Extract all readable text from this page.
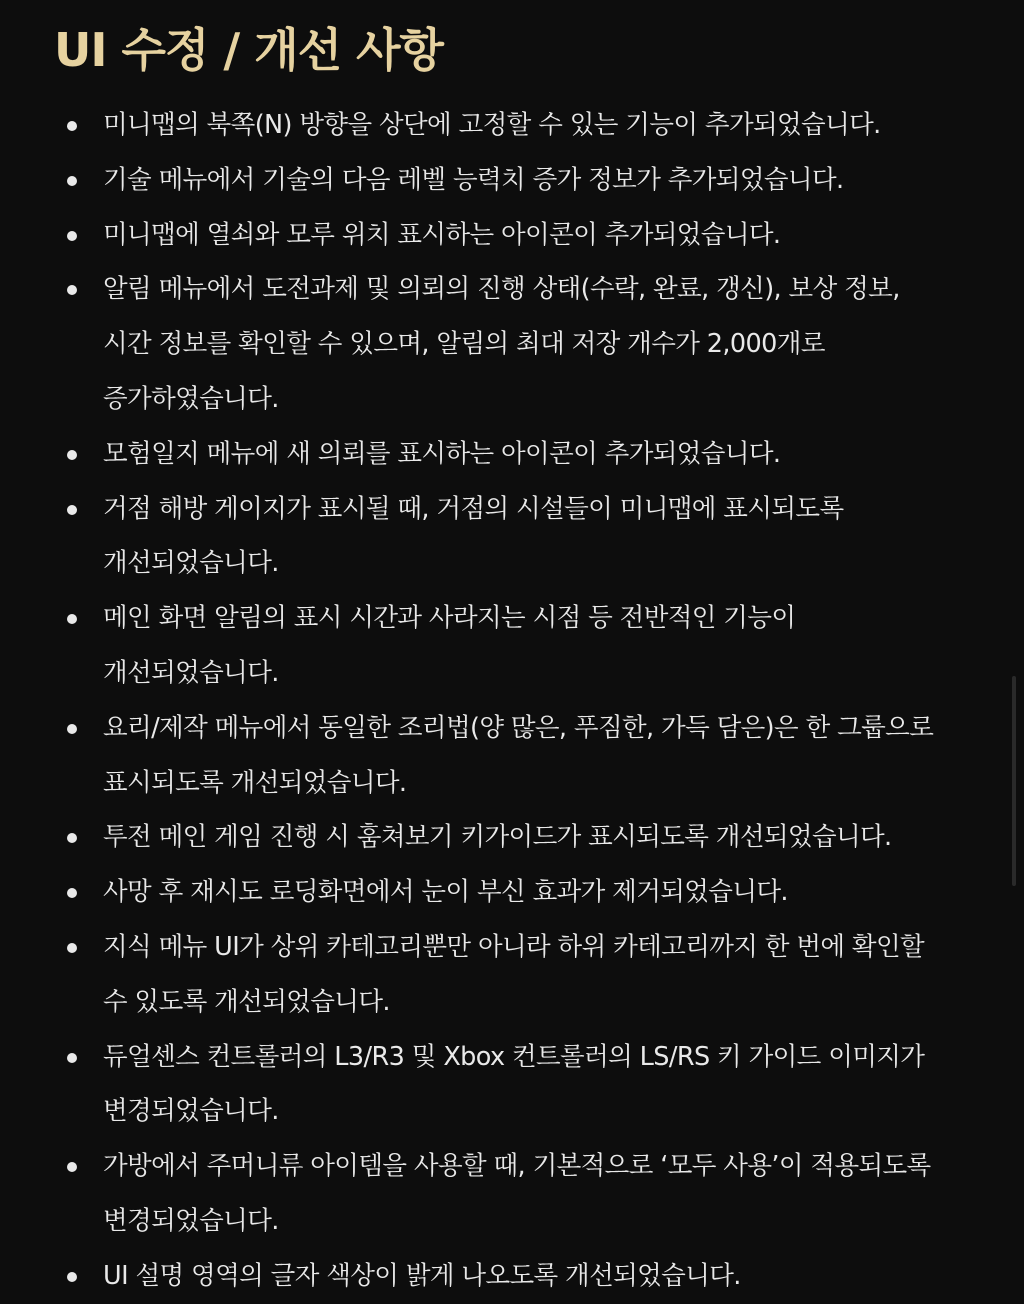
UI 수정 / 개선 사항
미니맵의 북쪽(N) 방향을 상단에 고정할 수 있는 기능이 추가되었습니다.
기술 메뉴에서 기술의 다음 레벨 능력치 증가 정보가 추가되었습니다.
미니맵에 열쇠와 모루 위치 표시하는 아이콘이 추가되었습니다.
알림 메뉴에서 도전과제 및 의뢰의 진행 상태(수락, 완료, 갱신), 보상 정보,
시간 정보를 확인할 수 있으며, 알림의 최대 저장 개수가 2,000개로
증가하였습니다.
모험일지 메뉴에 새 의뢰를 표시하는 아이콘이 추가되었습니다.
거점 해방 게이지가 표시될 때, 거점의 시설들이 미니맵에 표시되도록
개선되었습니다.
메인 화면 알림의 표시 시간과 사라지는 시점 등 전반적인 기능이
개선되었습니다.
요리/제작 메뉴에서 동일한 조리법(양 많은, 푸짐한, 가득 담은)은 한 그룹으로
표시되도록 개선되었습니다.
투전 메인 게임 진행 시 훔쳐보기 키가이드가 표시되도록 개선되었습니다.
사망 후 재시도 로딩화면에서 눈이 부신 효과가 제거되었습니다.
지식 메뉴 UI가 상위 카테고리뿐만 아니라 하위 카테고리까지 한 번에 확인할
수 있도록 개선되었습니다.
듀얼센스 컨트롤러의 L3/R3 및 Xbox 컨트롤러의 LS/RS 키 가이드 이미지가
변경되었습니다.
가방에서 주머니류 아이템을 사용할 때, 기본적으로 ‘모두 사용’이 적용되도록
변경되었습니다.
UI 설명 영역의 글자 색상이 밝게 나오도록 개선되었습니다.
